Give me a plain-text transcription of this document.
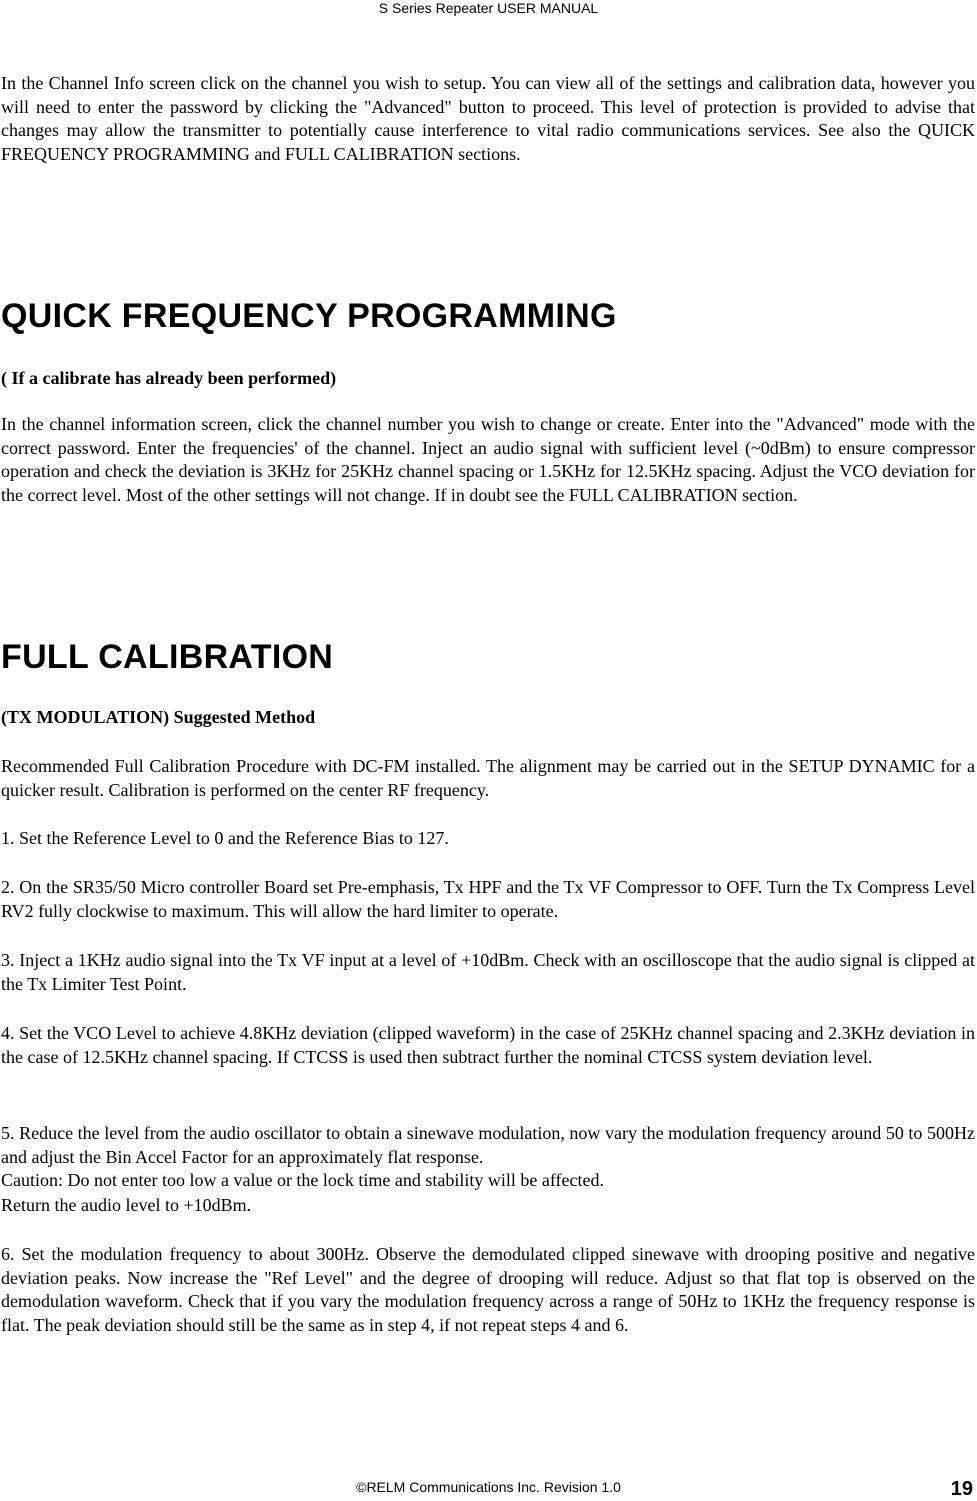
S Series Repeater USER MANUAL

In the Channel Info screen click on the channel you wish to setup. You can view all of the settings and calibration data, however you will need to enter the password by clicking the "Advanced" button to proceed. This level of protection is provided to advise that changes may allow the transmitter to potentially cause interference to vital radio communications services. See also the QUICK FREQUENCY PROGRAMMING and FULL CALIBRATION sections.

QUICK FREQUENCY PROGRAMMING

( If a calibrate has already been performed)

In the channel information screen, click the channel number you wish to change or create. Enter into the "Advanced" mode with the correct password. Enter the frequencies' of the channel. Inject an audio signal with sufficient level (~0dBm) to ensure compressor operation and check the deviation is 3KHz for 25KHz channel spacing or 1.5KHz for 12.5KHz spacing. Adjust the VCO deviation for the correct level. Most of the other settings will not change. If in doubt see the FULL CALIBRATION section.

FULL CALIBRATION

(TX MODULATION) Suggested Method

Recommended Full Calibration Procedure with DC-FM installed. The alignment may be carried out in the SETUP DYNAMIC for a quicker result. Calibration is performed on the center RF frequency.

1. Set the Reference Level to 0 and the Reference Bias to 127.

2. On the SR35/50 Micro controller Board set Pre-emphasis, Tx HPF and the Tx VF Compressor to OFF. Turn the Tx Compress Level RV2 fully clockwise to maximum. This will allow the hard limiter to operate.

3. Inject a 1KHz audio signal into the Tx VF input at a level of +10dBm. Check with an oscilloscope that the audio signal is clipped at the Tx Limiter Test Point.

4. Set the VCO Level to achieve 4.8KHz deviation (clipped waveform) in the case of 25KHz channel spacing and 2.3KHz deviation in the case of 12.5KHz channel spacing. If CTCSS is used then subtract further the nominal CTCSS system deviation level.

5. Reduce the level from the audio oscillator to obtain a sinewave modulation, now vary the modulation frequency around 50 to 500Hz and adjust the Bin Accel Factor for an approximately flat response.

Caution: Do not enter too low a value or the lock time and stability will be affected.

Return the audio level to +10dBm.

6. Set the modulation frequency to about 300Hz. Observe the demodulated clipped sinewave with drooping positive and negative deviation peaks. Now increase the "Ref Level" and the degree of drooping will reduce. Adjust so that flat top is observed on the demodulation waveform. Check that if you vary the modulation frequency across a range of 50Hz to 1KHz the frequency response is flat. The peak deviation should still be the same as in step 4, if not repeat steps 4 and 6.

©RELM Communications Inc. Revision 1.0	19
